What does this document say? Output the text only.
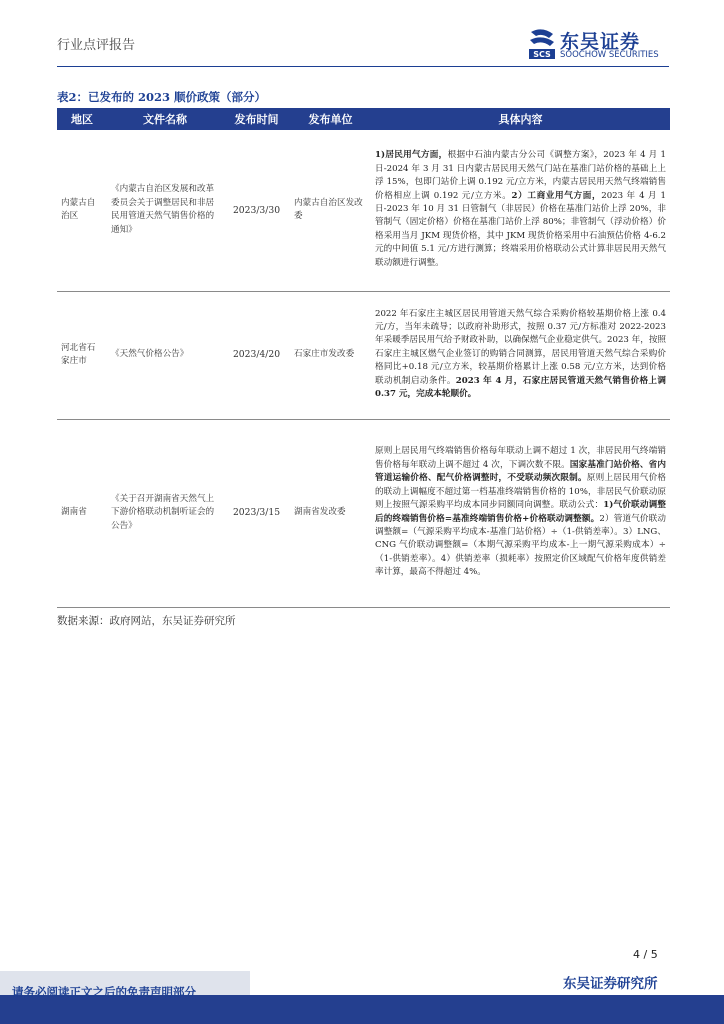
行业点评报告
SCS
东吴证券
SOOCHOW SECURITIES
表2：已发布的 2023 顺价政策（部分）
地区	文件名称	发布时间	发布单位	具体内容
内蒙古自治区	《内蒙古自治区发展和改革委员会关于调整居民和非居民用管道天然气销售价格的通知》	2023/3/30	内蒙古自治区发改委	1)居民用气方面，根据中石油内蒙古分公司《调整方案》，2023 年 4 月 1 日-2024 年 3 月 31 日内蒙古居民用天然气门站在基准门站价格的基础上上浮 15%，包即门站价上调 0.192 元/立方米，内蒙古居民用天然气终端销售价格相应上调 0.192 元/立方米。2）工商业用气方面，2023 年 4 月 1 日-2023 年 10 月 31 日管制气（非居民）价格在基准门站价上浮 20%，非管制气（固定价格）价格在基准门站价上浮 80%；非管制气（浮动价格）价格采用当月 JKM 现货价格，其中 JKM 现货价格采用中石油预估价格 4-6.2 元的中间值 5.1 元/方进行测算；终端采用价格联动公式计算非居民用天然气联动额进行调整。
河北省石家庄市	《天然气价格公告》	2023/4/20	石家庄市发改委	2022 年石家庄主城区居民用管道天然气综合采购价格较基期价格上涨 0.4 元/方，当年未疏导；以政府补助形式，按照 0.37 元/方标准对 2022-2023 年采暖季居民用气给予财政补助，以确保燃气企业稳定供气。2023 年，按照石家庄主城区燃气企业签订的购销合同测算，居民用管道天然气综合采购价格同比+0.18 元/立方米，较基期价格累计上涨 0.58 元/立方米，达到价格联动机制启动条件。2023 年 4 月，石家庄居民管道天然气销售价格上调 0.37 元，完成本轮顺价。
湖南省	《关于召开湖南省天然气上下游价格联动机制听证会的公告》	2023/3/15	湖南省发改委	原则上居民用气终端销售价格每年联动上调不超过 1 次，非居民用气终端销售价格每年联动上调不超过 4 次，下调次数不限。国家基准门站价格、省内管道运输价格、配气价格调整时，不受联动频次限制。原则上居民用气价格的联动上调幅度不超过第一档基准终端销售价格的 10%，非居民气价联动原则上按照气源采购平均成本同步同额同向调整。联动公式：1)气价联动调整后的终端销售价格=基准终端销售价格+价格联动调整额。2）管道气价联动调整额=（气源采购平均成本-基准门站价格）÷（1-供销差率）。3）LNG、CNG 气价联动调整额=（本期气源采购平均成本-上一期气源采购成本）÷（1-供销差率）。4）供销差率（损耗率）按照定价区域配气价格年度供销差率计算，最高不得超过 4%。
数据来源：政府网站，东吴证券研究所
4 / 5
请务必阅读正文之后的免责声明部分	东吴证券研究所
